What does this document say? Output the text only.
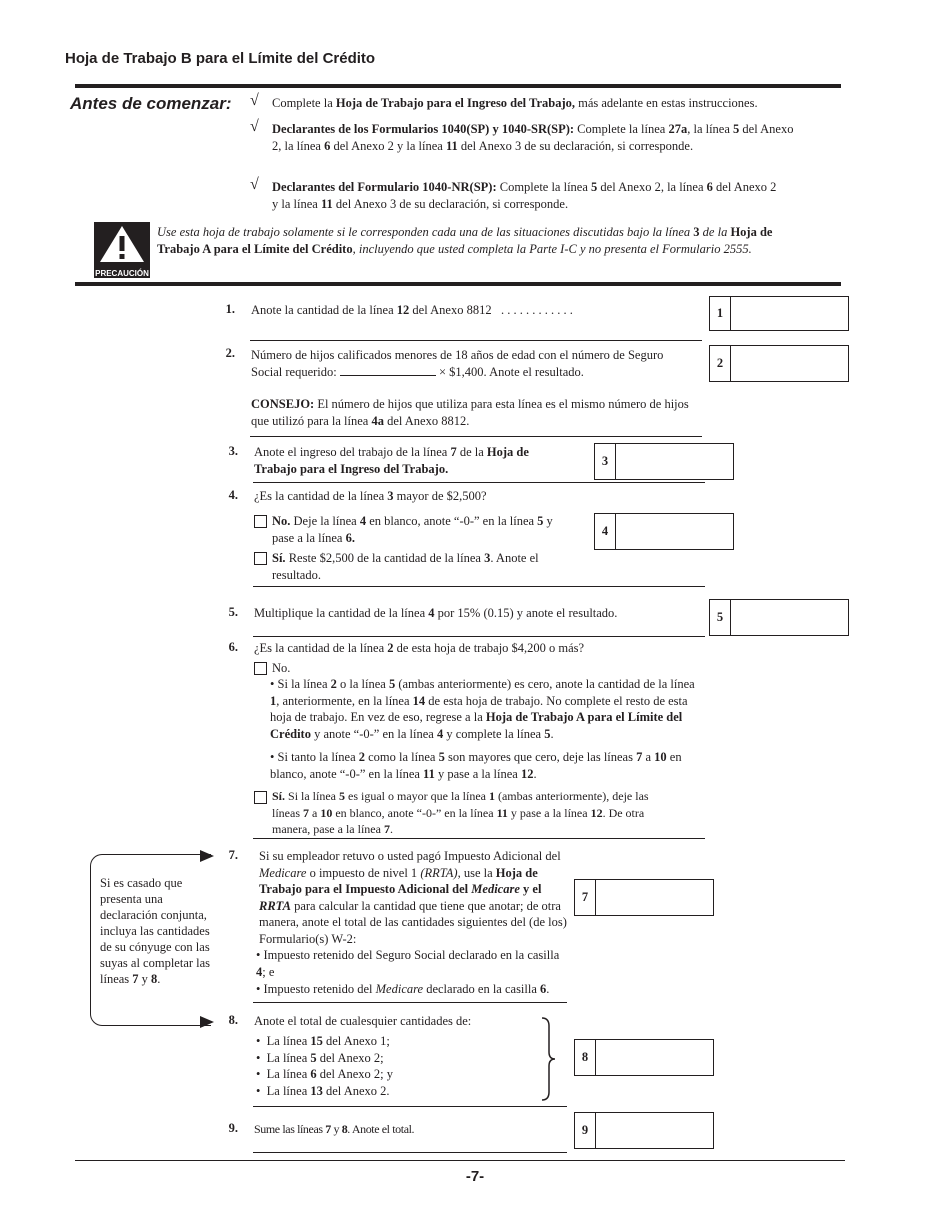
Hoja de Trabajo B para el Límite del Crédito
Antes de comenzar: √ Complete la Hoja de Trabajo para el Ingreso del Trabajo, más adelante en estas instrucciones.
√ Declarantes de los Formularios 1040(SP) y 1040-SR(SP): Complete la línea 27a, la línea 5 del Anexo 2, la línea 6 del Anexo 2 y la línea 11 del Anexo 3 de su declaración, si corresponde.
√ Declarantes del Formulario 1040-NR(SP): Complete la línea 5 del Anexo 2, la línea 6 del Anexo 2 y la línea 11 del Anexo 3 de su declaración, si corresponde.
PRECAUCIÓN
Use esta hoja de trabajo solamente si le corresponden cada una de las situaciones discutidas bajo la línea 3 de la Hoja de Trabajo A para el Límite del Crédito, incluyendo que usted completa la Parte I-C y no presenta el Formulario 2555.
1. Anote la cantidad de la línea 12 del Anexo 8812 . . . . . . . . . . . .	1
2. Número de hijos calificados menores de 18 años de edad con el número de Seguro Social requerido:	× $1,400. Anote el resultado.
2
CONSEJO: El número de hijos que utiliza para esta línea es el mismo número de hijos que utilizó para la línea 4a del Anexo 8812.
3. Anote el ingreso del trabajo de la línea 7 de la Hoja de Trabajo para el Ingreso del Trabajo.
3
4. ¿Es la cantidad de la línea 3 mayor de $2,500?
No. Deje la línea 4 en blanco, anote “-0-” en la línea 5 y pase a la línea 6.	4
Sí. Reste $2,500 de la cantidad de la línea 3. Anote el resultado.
5. Multiplique la cantidad de la línea 4 por 15% (0.15) y anote el resultado.	5
6. ¿Es la cantidad de la línea 2 de esta hoja de trabajo $4,200 o más?
No.
• Si la línea 2 o la línea 5 (ambas anteriormente) es cero, anote la cantidad de la línea 1, anteriormente, en la línea 14 de esta hoja de trabajo. No complete el resto de esta hoja de trabajo. En vez de eso, regrese a la Hoja de Trabajo A para el Límite del Crédito y anote “-0-” en la línea 4 y complete la línea 5.
• Si tanto la línea 2 como la línea 5 son mayores que cero, deje las líneas 7 a 10 en blanco, anote “-0-” en la línea 11 y pase a la línea 12.
Sí. Si la línea 5 es igual o mayor que la línea 1 (ambas anteriormente), deje las líneas 7 a 10 en blanco, anote “-0-” en la línea 11 y pase a la línea 12. De otra manera, pase a la línea 7.
Si es casado que presenta una declaración conjunta, incluya las cantidades de su cónyuge con las suyas al completar las líneas 7 y 8.
7. Si su empleador retuvo o usted pagó Impuesto Adicional del Medicare o impuesto de nivel 1 (RRTA), use la Hoja de Trabajo para el Impuesto Adicional del Medicare y el RRTA para calcular la cantidad que tiene que anotar; de otra manera, anote el total de las cantidades siguientes del (de los) Formulario(s) W-2:
• Impuesto retenido del Seguro Social declarado en la casilla 4; e
• Impuesto retenido del Medicare declarado en la casilla 6.
7
8. Anote el total de cualesquier cantidades de:
•  La línea 15 del Anexo 1;
•  La línea 5 del Anexo 2;
•  La línea 6 del Anexo 2; y
•  La línea 13 del Anexo 2.
8
9. Sume las líneas 7 y 8. Anote el total.	9
-7-
